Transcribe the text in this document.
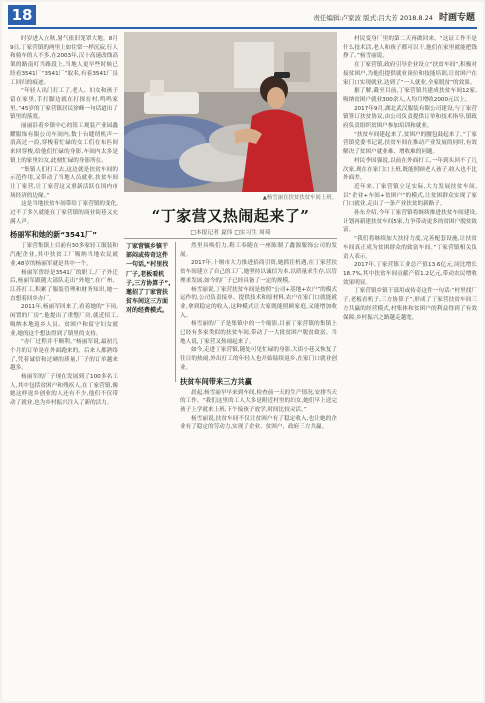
18	责任编辑:卢家波 版式:吕大芳 2018.8.24 时画专题

时岁进入立秋,暑气依旧笼罩大地。8月9日,丁家营镇的两里上如往常一样沉寂,行人和骑车的人不多,在2003年,汉十高速改线高架的路南叮当路段上,当地人更早些时候已经看3541厂“3541厂”取名,有着3541厂员工回归的痕迹。

“年轻人出门打工了,老人、妇女和孩子留在家里,手打脚边就在打探在村,鸣鸣家里。”45岁的丁家营镇居民徐峰一句话道出了镇里的落寞。

丽丽沿着乡镇中心的钮工观装产业园鑫耀服饰有限公司车间内,数十台缝纫机声一浪高过一浪,穿梭着忙碌的女工们在布匹间来回穿梭,给他们忙碌的身影,车间内太多是镇上的家里妇女,此刻忙碌的身影所在。

“集镇人们打工去,这边就是扶贫车间的示范作用,又带动了当地人员就业,扶贫车间让丁家营,让丁家营这又重新活跃在国内市场经济的边缘。”

这是当地扶贫车间带给丁家营镇的变化,过不了多久就能在丁家营镇的商业街巷又充满人声。

杨丽军和她的新“3541厂”

丁家营集镇上目前有30多家轻工服装和汽配企业,其中扶贫工厂吸纳当地农民就业,48岁的杨丽军就是其中一个。

杨丽军曾经是3541厂的职工,厂子外迁后,杨丽军跟随大部队走出“外地”,在广州、江苏打工,积累了服装管理和财务知识,她一直想着回乡办厂。

2011年,杨丽军回来了,看着她的“下岗,闲置的厂房”,他提出了重整厂房,就近招工,吸纳本地返乡人员、贫困户和留守妇女就业,她的这个想法得到了镇里的支持。

“办厂过程并不顺利。”杨丽军说,最初几个月的订单是在外面跑来的。后来人都熟络了,凭着诚信和过硬的质量,厂子的订单越来越多。

杨丽军的厂子现在发展到了100多名工人,其中包括贫困户和残疾人,在丁家营镇,像她这样返乡创业的人还有不少,他们不仅带动了就业,也为乡村振兴注入了新的活力。

▲杨雪丽在扶贫扶贫车间上班。
“丁家营又热闹起来了”
□本报记者 夏伟 □实习生 周琦
丁家营镇乡镇干部闷或传奇这件一句话,“村里找厂子,老板看机子,三方协算子”,邀招了丁家营扶贫车间这三方面对的经费模式。

然里具唤们力,鞋工奉随在一座陈制了鑫源服饰公司的发展。

2017年,十堰市大力推进招商引资,她抓住机遇,在丁家营扶贫车间建立了自己的工厂,她坚持以诚信为本,以质量求生存,以管理求发展,如今的厂子已经具备了一定的规模。

杨雪丽说,丁家营扶贫车间是按照“公司+基地+农户”的模式运作的,公司负责接单、提供技术和原材料,农户在家门口就能就业,拿到稳定的收入,这种模式让大家既能照顾家庭,又能增加收入。

杨雪丽的厂子是集镇中的一个缩影,目前丁家营镇的集镇上已经有多家类似的扶贫车间,带动了一大批贫困户脱贫致富。当地人说,丁家营又热闹起来了。

如今,走进丁家营镇,随处可见忙碌的身影,大街小巷又恢复了往日的热闹,外出打工的年轻人也开始陆续返乡,在家门口就业创业。

扶贫车间带来三方共赢

晨起,杨雪丽早早来到车间,检查前一天的生产情况,安排当天的工作。“我们这里的工人大多是附近村里的妇女,她们早上送完孩子上学就来上班,下午接孩子放学,时间比较灵活。”

杨雪丽说,扶贫车间不仅让贫困户有了稳定收入,也让她的企业有了稳定的劳动力,实现了企业、贫困户、政府三方共赢。

村民变身厂里的第二天再做回来。“这证工作不是什么技术活,老人和孩子都可以干,他们在家里就能把钱挣了。”杨雪丽说。

在丁家营镇,政府引导企业设立“扶贫车间”,积极对接贫困户,为他们提供就业岗位和技能培训,让贫困户在家门口实现就业,达到了“一人就业,全家脱贫”的效果。

据了解,截至目前,丁家营镇共建成扶贫车间12家,吸纳贫困户就业300余人,人均月增收2000元以上。

2017年9月,湖北武汉服装有限公司建设,与丁家营镇签订扶贫协议,由公司负责提供订单和技术指导,镇政府负责组织贫困户参加培训和就业。

“扶贫车间建起来了,贫困户的腰包鼓起来了。”丁家营镇党委书记说,扶贫车间在推动产业发展的同时,有效解决了贫困户就业难、增收难的问题。

村民李国强说,以前在外面打工,一年到头回不了几次家,现在在家门口上班,既能照顾老人孩子,收入也不比外面差。

近年来,丁家营镇立足实际,大力发展扶贫车间,以“企业+车间+贫困户”的模式,让贫困群众实现了家门口就业,走出了一条产业扶贫的新路子。

孙东介绍,今年丁家营镇将继续推进扶贫车间建设,计划再新建扶贫车间5家,力争带动更多的贫困户脱贫致富。

“我们将继续加大扶持力度,完善配套设施,让扶贫车间真正成为贫困群众的致富车间。”丁家营镇相关负责人表示。

2017年,丁家营镇工业总产值13.6亿元,同比增长18.7%,其中扶贫车间贡献产值1.2亿元,带动农民增收效果明显。

丁家营镇乡镇干部用或传奇这件一句话:“村里找厂子,老板看机子,三方协算子”,形成了丁家营扶贫车间三方共赢的经营模式,村集体和贫困户的利益得到了有效保障,乡村振兴之路越走越宽。
